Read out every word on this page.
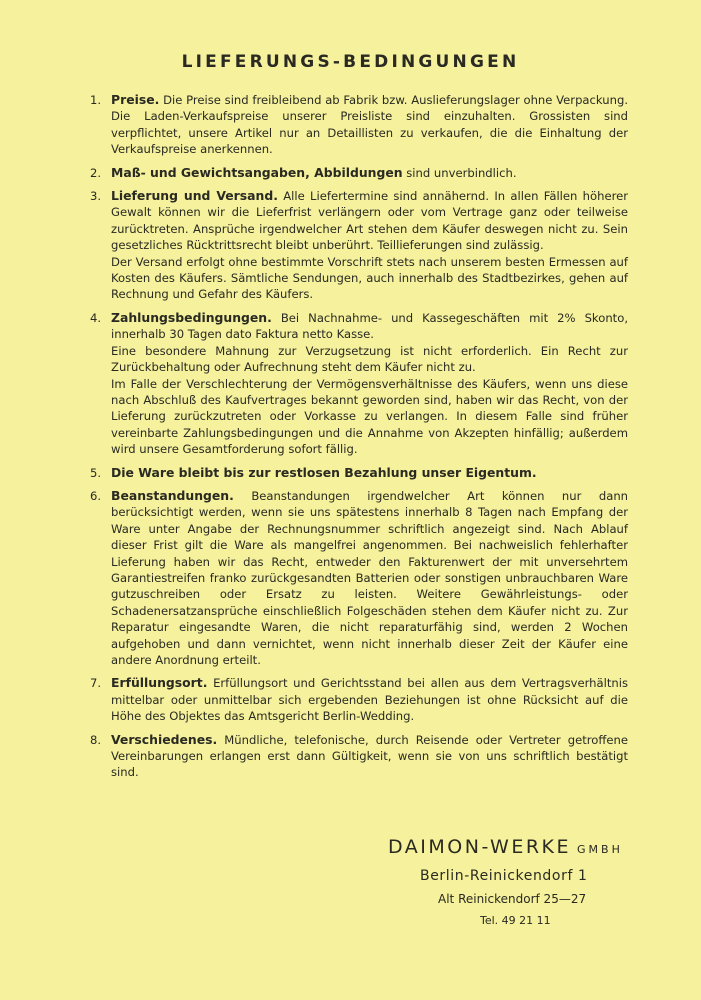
LIEFERUNGS-BEDINGUNGEN
1. Preise. Die Preise sind freibleibend ab Fabrik bzw. Auslieferungslager ohne Verpackung. Die Laden-Verkaufspreise unserer Preisliste sind einzuhalten. Grossisten sind verpflichtet, unsere Artikel nur an Detaillisten zu verkaufen, die die Einhaltung der Verkaufspreise anerkennen.

2. Maß- und Gewichtsangaben, Abbildungen sind unverbindlich.

3. Lieferung und Versand. Alle Liefertermine sind annähernd. In allen Fällen höherer Gewalt können wir die Lieferfrist verlängern oder vom Vertrage ganz oder teilweise zurücktreten. Ansprüche irgendwelcher Art stehen dem Käufer deswegen nicht zu. Sein gesetzliches Rücktrittsrecht bleibt unberührt. Teillieferungen sind zulässig.

Der Versand erfolgt ohne bestimmte Vorschrift stets nach unserem besten Ermessen auf Kosten des Käufers. Sämtliche Sendungen, auch innerhalb des Stadtbezirkes, gehen auf Rechnung und Gefahr des Käufers.

4. Zahlungsbedingungen. Bei Nachnahme- und Kassegeschäften mit 2% Skonto, innerhalb 30 Tagen dato Faktura netto Kasse.

Eine besondere Mahnung zur Verzugsetzung ist nicht erforderlich. Ein Recht zur Zurückbehaltung oder Aufrechnung steht dem Käufer nicht zu.

Im Falle der Verschlechterung der Vermögensverhältnisse des Käufers, wenn uns diese nach Abschluß des Kaufvertrages bekannt geworden sind, haben wir das Recht, von der Lieferung zurückzutreten oder Vorkasse zu verlangen. In diesem Falle sind früher vereinbarte Zahlungsbedingungen und die Annahme von Akzepten hinfällig; außerdem wird unsere Gesamtforderung sofort fällig.

5. Die Ware bleibt bis zur restlosen Bezahlung unser Eigentum.

6. Beanstandungen. Beanstandungen irgendwelcher Art können nur dann berücksichtigt werden, wenn sie uns spätestens innerhalb 8 Tagen nach Empfang der Ware unter Angabe der Rechnungsnummer schriftlich angezeigt sind. Nach Ablauf dieser Frist gilt die Ware als mangelfrei angenommen. Bei nachweislich fehlerhafter Lieferung haben wir das Recht, entweder den Fakturenwert der mit unversehrtem Garantiestreifen franko zurückgesandten Batterien oder sonstigen unbrauchbaren Ware gutzuschreiben oder Ersatz zu leisten. Weitere Gewährleistungs- oder Schadenersatzansprüche einschließlich Folgeschäden stehen dem Käufer nicht zu. Zur Reparatur eingesandte Waren, die nicht reparaturfähig sind, werden 2 Wochen aufgehoben und dann vernichtet, wenn nicht innerhalb dieser Zeit der Käufer eine andere Anordnung erteilt.

7. Erfüllungsort. Erfüllungsort und Gerichtsstand bei allen aus dem Vertragsverhältnis mittelbar oder unmittelbar sich ergebenden Beziehungen ist ohne Rücksicht auf die Höhe des Objektes das Amtsgericht Berlin-Wedding.

8. Verschiedenes. Mündliche, telefonische, durch Reisende oder Vertreter getroffene Vereinbarungen erlangen erst dann Gültigkeit, wenn sie von uns schriftlich bestätigt sind.

DAIMON-WERKE GMBH
Berlin-Reinickendorf 1
Alt Reinickendorf 25—27
Tel. 49 21 11
